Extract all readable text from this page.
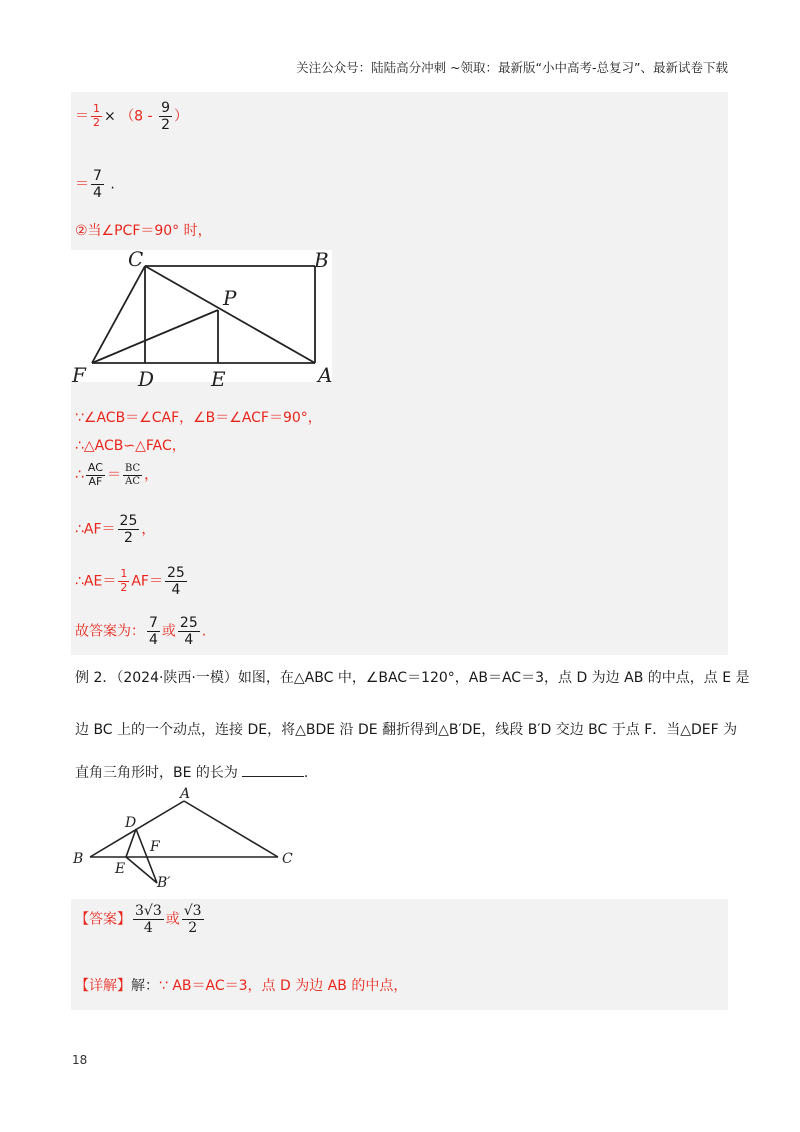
关注公众号：陆陆高分冲刺 ~领取：最新版“小中高考-总复习”、最新试卷下载
＝ $\frac{1}{2} \times (8 - \frac{9}{2}$ ）
＝ $\frac{7}{4}$ .
②当∠PCF＝90° 时，
C	B
P
F	D	E	A
∵∠ACB＝∠CAF，∠B＝∠ACF＝90°，
∴△ACB∽△FAC，
∴ $\frac{AC}{AF} = \frac{BC}{AC}$ ，
∴AF＝ $\frac{25}{2}$ ，
∴AE＝ $\frac{1}{2} AF= \frac{25}{4}$
故答案为： $\frac{7}{4}$ 或 $\frac{25}{4}$ .
例 2．（2024·陕西·一模）如图，在△ABC 中，∠BAC＝120°，AB＝AC＝3，点 D 为边 AB 的中点，点 E 是
边 BC 上的一个动点，连接 DE，将△BDE 沿 DE 翻折得到△B′DE，线段 B′D 交边 BC 于点 F．当△DEF 为
直角三角形时，BE 的长为	.
A
D
F
B
E
B′
C
【答案】 $\frac{3√3}{4}$ 或 $\frac{√3}{2}$
【详解】解：∵ AB＝AC＝3，点 D 为边 AB 的中点，
18
